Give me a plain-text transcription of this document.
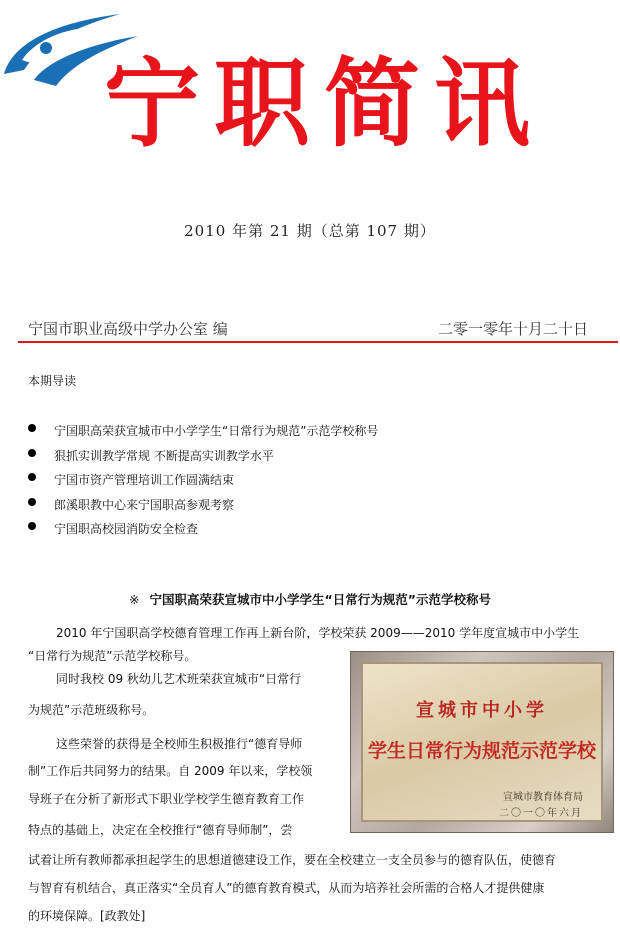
宁职简讯
2010 年第 21 期（总第 107 期）
宁国市职业高级中学办公室 编	二零一零年十月二十日
本期导读
宁国职高荣获宣城市中小学学生“日常行为规范”示范学校称号
狠抓实训教学常规 不断提高实训教学水平
宁国市资产管理培训工作圆满结束
郎溪职教中心来宁国职高参观考察
宁国职高校园消防安全检查
※ 宁国职高荣获宣城市中小学学生“日常行为规范”示范学校称号

2010 年宁国职高学校德育管理工作再上新台阶，学校荣获 2009——2010 学年度宣城市中小学生

“日常行为规范”示范学校称号。

同时我校 09 秋幼儿艺术班荣获宣城市“日常行

为规范”示范班级称号。

这些荣誉的获得是全校师生积极推行“德育导师

制”工作后共同努力的结果。自 2009 年以来，学校领

导班子在分析了新形式下职业学校学生德育教育工作

特点的基础上，决定在全校推行“德育导师制”，尝

试着让所有教师都承担起学生的思想道德建设工作，要在全校建立一支全员参与的德育队伍，使德育

与智育有机结合，真正落实“全员育人”的德育教育模式，从而为培养社会所需的合格人才提供健康

的环境保障。[政教处]

宣城市中小学
学生日常行为规范示范学校
宣城市教育体育局
二〇一〇年六月
